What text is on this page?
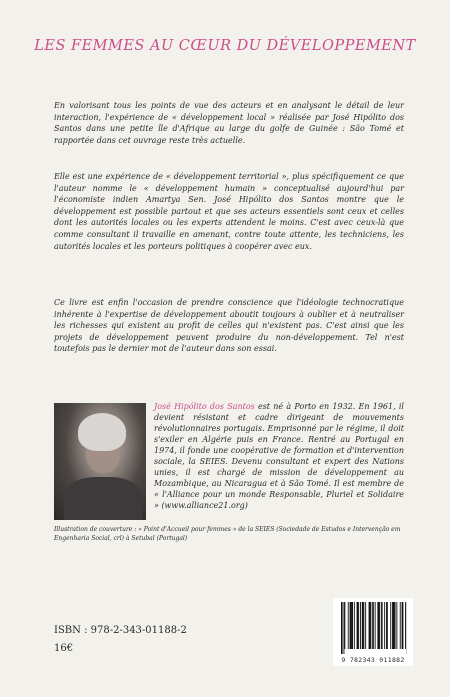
LES FEMMES AU CŒUR DU DÉVELOPPEMENT

En valorisant tous les points de vue des acteurs et en analysant le détail de leur interaction, l'expérience de « développement local » réalisée par José Hipólito dos Santos dans une petite île d'Afrique au large du golfe de Guinée : São Tomé et rapportée dans cet ouvrage reste très actuelle.

Elle est une expérience de « développement territorial », plus spécifiquement ce que l'auteur nomme le « développement humain » conceptualisé aujourd'hui par l'économiste indien Amartya Sen. José Hipólito dos Santos montre que le développement est possible partout et que ses acteurs essentiels sont ceux et celles dont les autorités locales ou les experts attendent le moins. C'est avec ceux-là que comme consultant il travaille en amenant, contre toute attente, les techniciens, les autorités locales et les porteurs politiques à coopérer avec eux.

Ce livre est enfin l'occasion de prendre conscience que l'idéologie technocratique inhérente à l'expertise de développement aboutit toujours à oublier et à neutraliser les richesses qui existent au profit de celles qui n'existent pas. C'est ainsi que les projets de développement peuvent produire du non-développement. Tel n'est toutefois pas le dernier mot de l'auteur dans son essai.

José Hipólito dos Santos est né à Porto en 1932. En 1961, il devient résistant et cadre dirigeant de mouvements révolutionnaires portugais. Emprisonné par le régime, il doit s'exiler en Algérie puis en France. Rentré au Portugal en 1974, il fonde une coopérative de formation et d'intervention sociale, la SEIES. Devenu consultant et expert des Nations unies, il est chargé de mission de développement au Mozambique, au Nicaragua et à São Tomé. Il est membre de « l'Alliance pour un monde Responsable, Pluriel et Solidaire » (www.alliance21.org)

Illustration de couverture : « Point d'Accueil pour femmes » de la SEIES (Sociedade de Estudos e Intervenção em Engenharia Social, crl) à Setubal (Portugal)

ISBN : 978-2-343-01188-2
16€
9 782343 011882
